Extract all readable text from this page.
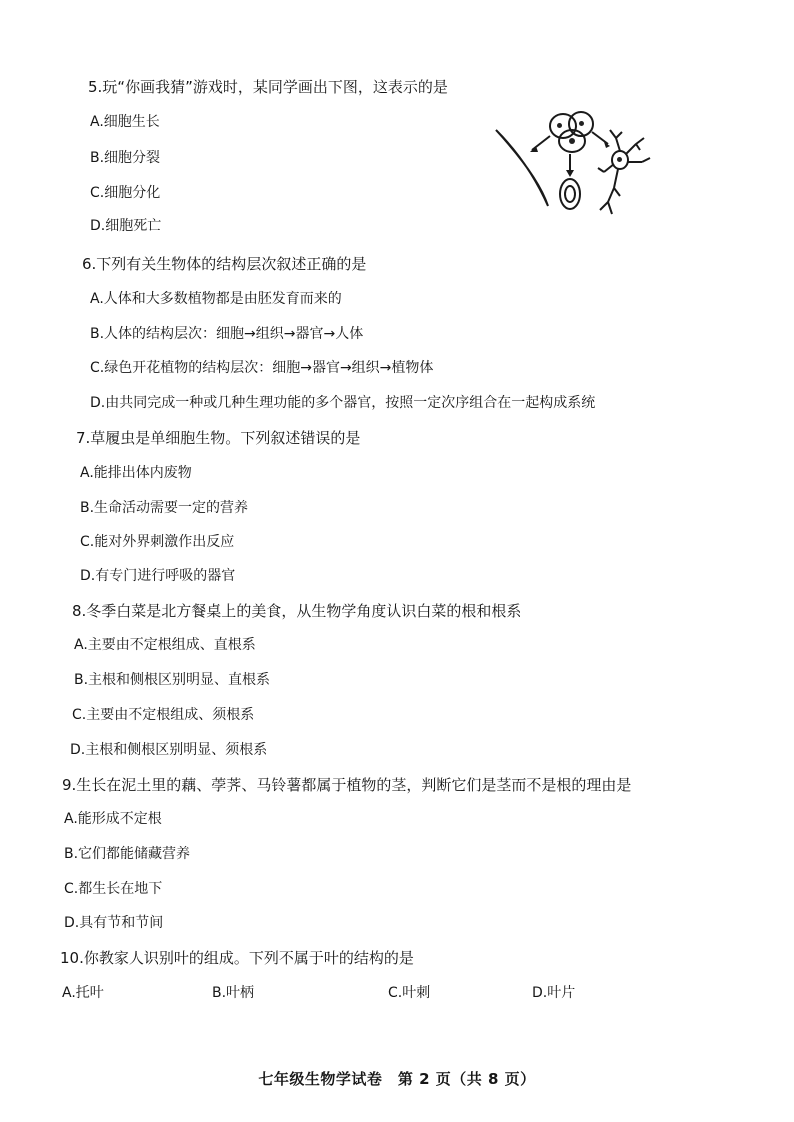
5.玩“你画我猜”游戏时，某同学画出下图，这表示的是
A.细胞生长
B.细胞分裂
C.细胞分化
D.细胞死亡
6.下列有关生物体的结构层次叙述正确的是
A.人体和大多数植物都是由胚发育而来的
B.人体的结构层次：细胞→组织→器官→人体
C.绿色开花植物的结构层次：细胞→器官→组织→植物体
D.由共同完成一种或几种生理功能的多个器官，按照一定次序组合在一起构成系统
7.草履虫是单细胞生物。下列叙述错误的是
A.能排出体内废物
B.生命活动需要一定的营养
C.能对外界刺激作出反应
D.有专门进行呼吸的器官
8.冬季白菜是北方餐桌上的美食，从生物学角度认识白菜的根和根系
A.主要由不定根组成、直根系
B.主根和侧根区别明显、直根系
C.主要由不定根组成、须根系
D.主根和侧根区别明显、须根系
9.生长在泥土里的藕、荸荠、马铃薯都属于植物的茎，判断它们是茎而不是根的理由是
A.能形成不定根
B.它们都能储藏营养
C.都生长在地下
D.具有节和节间
10.你教家人识别叶的组成。下列不属于叶的结构的是
A.托叶	B.叶柄	C.叶刺	D.叶片
七年级生物学试卷　第 2 页（共 8 页）
